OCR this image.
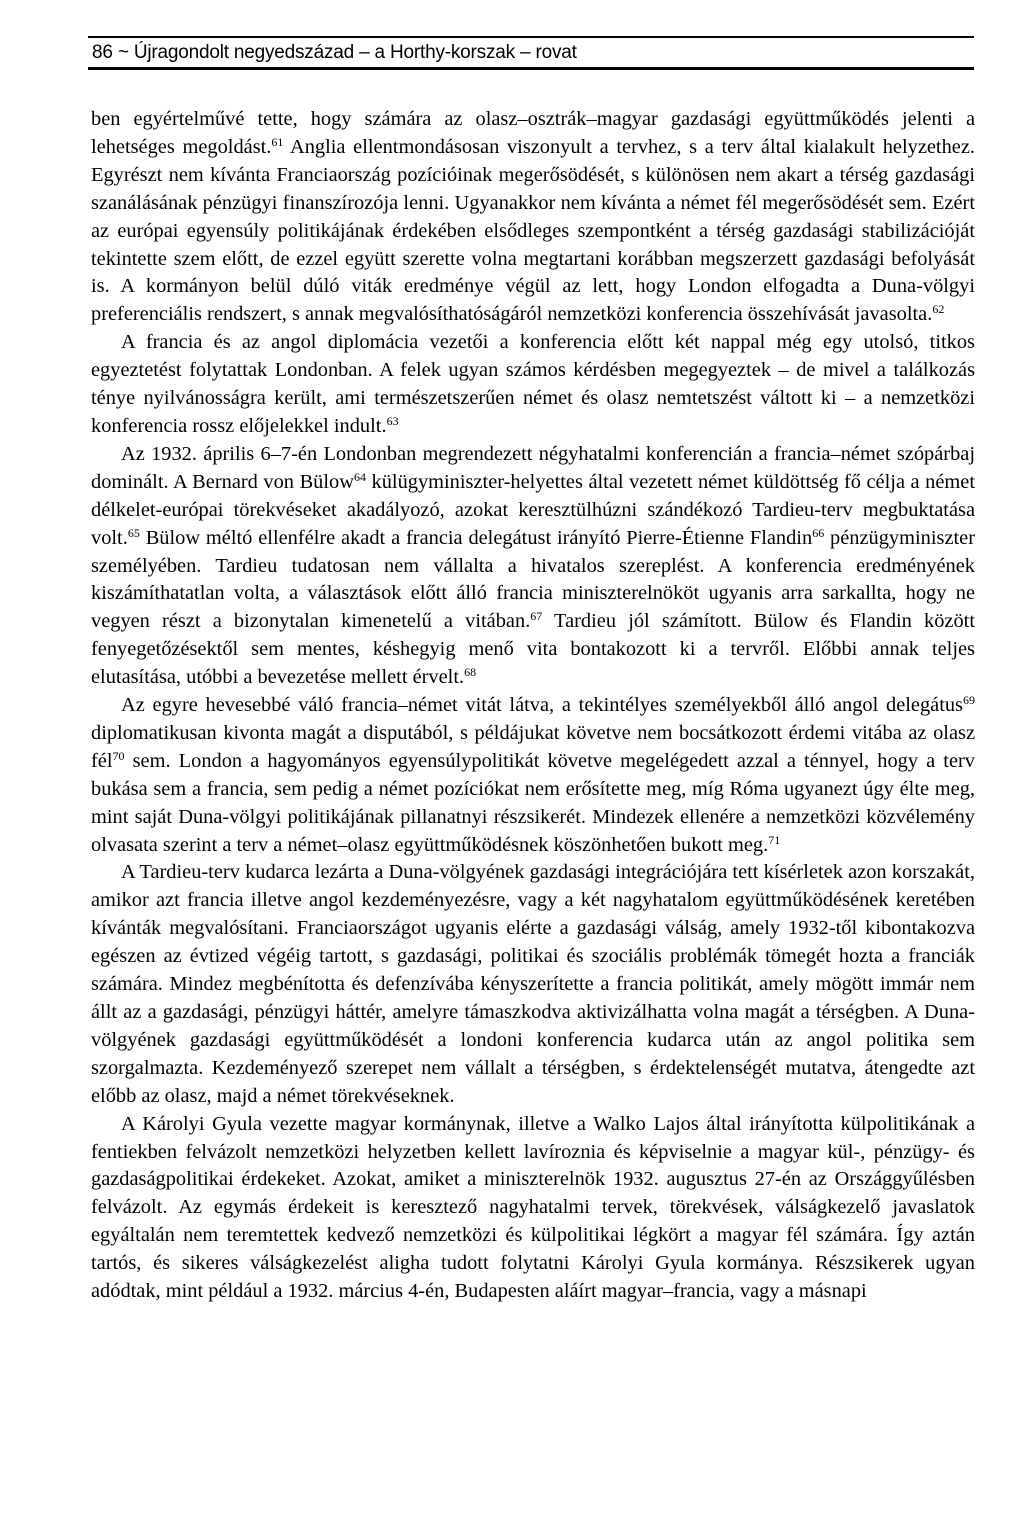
86 ~ Újragondolt negyedszázad – a Horthy-korszak – rovat

ben egyértelművé tette, hogy számára az olasz–osztrák–magyar gazdasági együttműködés jelenti a lehetséges megoldást.$^{61}$ Anglia ellentmondásosan viszonyult a tervhez, s a terv által kialakult helyzethez. Egyrészt nem kívánta Franciaország pozícióinak megerősödését, s különösen nem akart a térség gazdasági szanálásának pénzügyi finanszírozója lenni. Ugyanakkor nem kívánta a német fél megerősödését sem. Ezért az európai egyensúly politikájának érdekében elsődleges szempontként a térség gazdasági stabilizációját tekintette szem előtt, de ezzel együtt szerette volna megtartani korábban megszerzett gazdasági befolyását is. A kormányon belül dúló viták eredménye végül az lett, hogy London elfogadta a Duna-völgyi preferenciális rendszert, s annak megvalósíthatóságáról nemzetközi konferencia összehívását javasolta.$^{62}$

A francia és az angol diplomácia vezetői a konferencia előtt két nappal még egy utolsó, titkos egyeztetést folytattak Londonban. A felek ugyan számos kérdésben megegyeztek – de mivel a találkozás ténye nyilvánosságra került, ami természetszerűen német és olasz nemtetszést váltott ki – a nemzetközi konferencia rossz előjelekkel indult.$^{63}$

Az 1932. április 6–7-én Londonban megrendezett négyhatalmi konferencián a francia–német szópárbaj dominált. A Bernard von Bülow$^{64}$ külügyminiszter-helyettes által vezetett német küldöttség fő célja a német délkelet-európai törekvéseket akadályozó, azokat keresztülhúzni szándékozó Tardieu-terv megbuktatása volt.$^{65}$ Bülow méltó ellenfélre akadt a francia delegátust irányító Pierre-Étienne Flandin$^{66}$ pénzügyminiszter személyében. Tardieu tudatosan nem vállalta a hivatalos szereplést. A konferencia eredményének kiszámíthatatlan volta, a választások előtt álló francia miniszterelnököt ugyanis arra sarkallta, hogy ne vegyen részt a bizonytalan kimenetelű a vitában.$^{67}$ Tardieu jól számított. Bülow és Flandin között fenyegetőzésektől sem mentes, késhegyig menő vita bontakozott ki a tervről. Előbbi annak teljes elutasítása, utóbbi a bevezetése mellett érvelt.$^{68}$

Az egyre hevesebbé váló francia–német vitát látva, a tekintélyes személyekből álló angol delegátus$^{69}$ diplomatikusan kivonta magát a disputából, s példájukat követve nem bocsátkozott érdemi vitába az olasz fél$^{70}$ sem. London a hagyományos egyensúlypolitikát követve megelégedett azzal a ténnyel, hogy a terv bukása sem a francia, sem pedig a német pozíciókat nem erősítette meg, míg Róma ugyanezt úgy élte meg, mint saját Duna-völgyi politikájának pillanatnyi részsikerét. Mindezek ellenére a nemzetközi közvélemény olvasata szerint a terv a német–olasz együttműködésnek köszönhetően bukott meg.$^{71}$

A Tardieu-terv kudarca lezárta a Duna-völgyének gazdasági integrációjára tett kísérletek azon korszakát, amikor azt francia illetve angol kezdeményezésre, vagy a két nagyhatalom együttműködésének keretében kívánták megvalósítani. Franciaországot ugyanis elérte a gazdasági válság, amely 1932-től kibontakozva egészen az évtized végéig tartott, s gazdasági, politikai és szociális problémák tömegét hozta a franciák számára. Mindez megbénította és defenzívába kényszerítette a francia politikát, amely mögött immár nem állt az a gazdasági, pénzügyi háttér, amelyre támaszkodva aktivizálhatta volna magát a térségben. A Duna-völgyének gazdasági együttműködését a londoni konferencia kudarca után az angol politika sem szorgalmazta. Kezdeményező szerepet nem vállalt a térségben, s érdektelenségét mutatva, átengedte azt előbb az olasz, majd a német törekvéseknek.

A Károlyi Gyula vezette magyar kormánynak, illetve a Walko Lajos által irányította külpolitikának a fentiekben felvázolt nemzetközi helyzetben kellett lavíroznia és képviselnie a magyar kül-, pénzügy- és gazdaságpolitikai érdekeket. Azokat, amiket a miniszterelnök 1932. augusztus 27-én az Országgyűlésben felvázolt. Az egymás érdekeit is keresztező nagyhatalmi tervek, törekvések, válságkezelő javaslatok egyáltalán nem teremtettek kedvező nemzetközi és külpolitikai légkört a magyar fél számára. Így aztán tartós, és sikeres válságkezelést aligha tudott folytatni Károlyi Gyula kormánya. Részsikerek ugyan adódtak, mint például a 1932. március 4-én, Budapesten aláírt magyar–francia, vagy a másnapi
